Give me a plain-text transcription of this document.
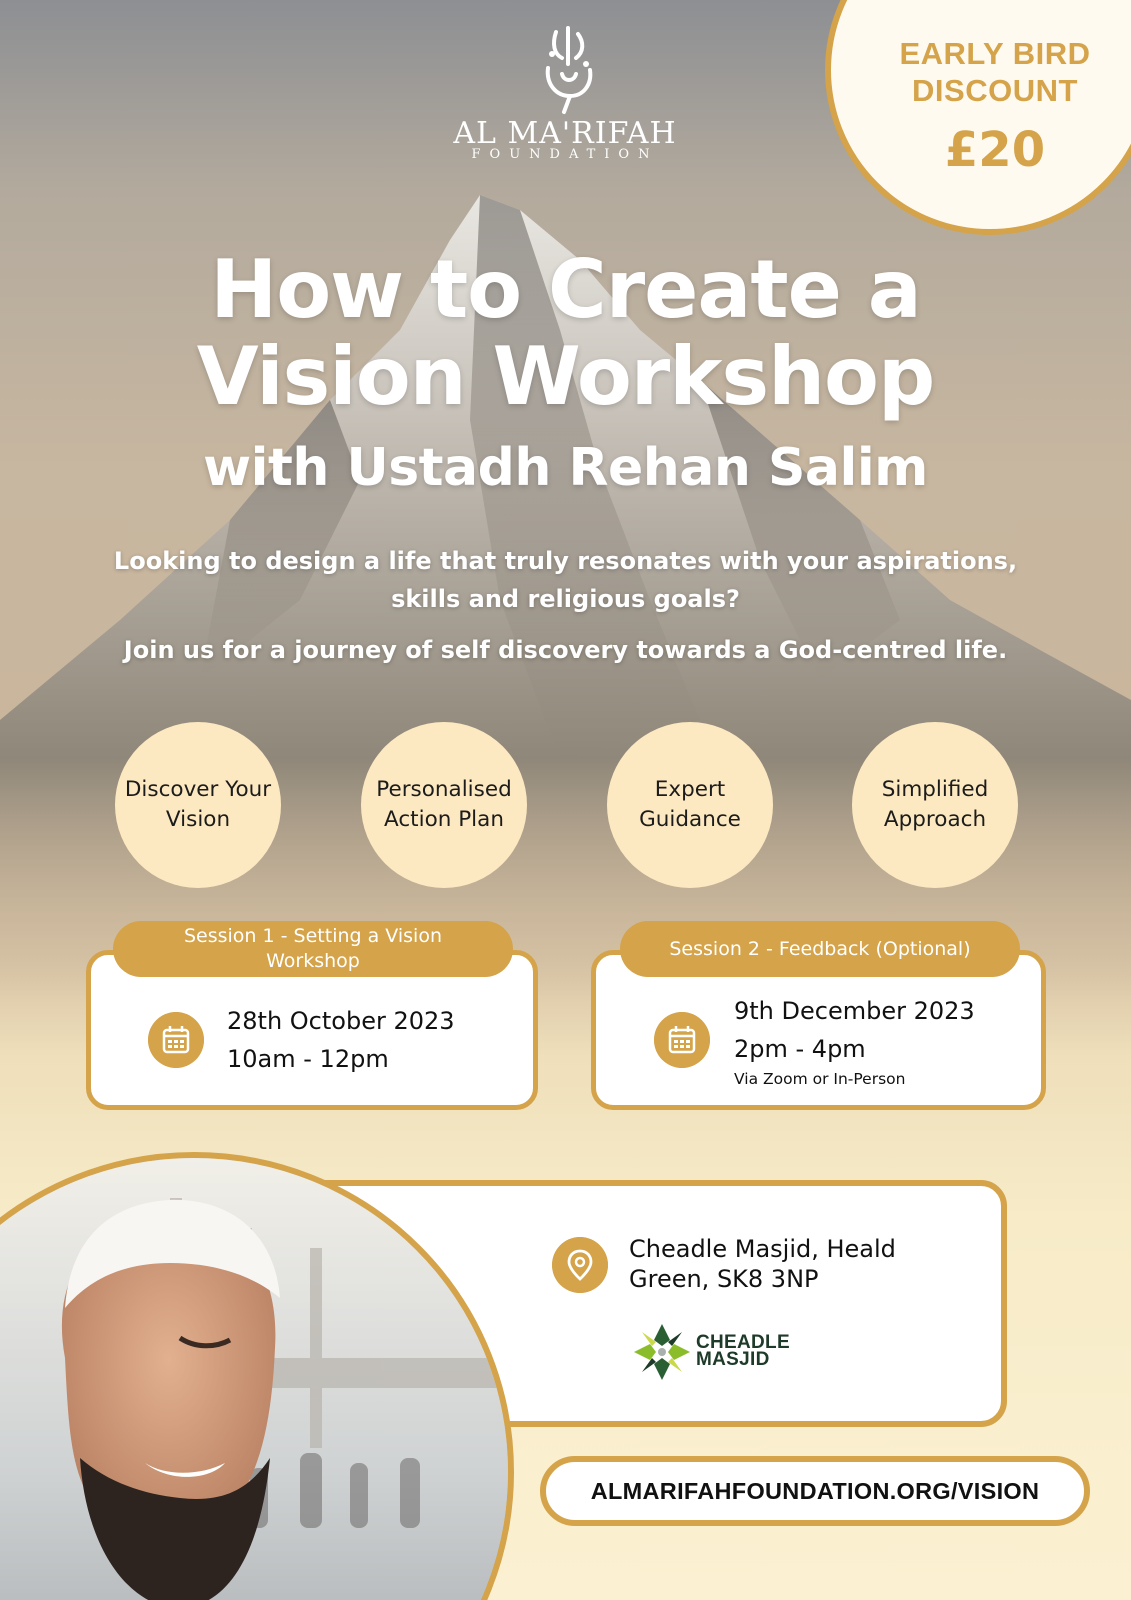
EARLY BIRD
DISCOUNT
£20
AL MA'RIFAH
FOUNDATION
How to Create a
Vision Workshop
with Ustadh Rehan Salim
Looking to design a life that truly resonates with your aspirations, skills and religious goals?
Join us for a journey of self discovery towards a God-centred life.
Discover Your Vision
Personalised Action Plan
Expert Guidance
Simplified Approach
Session 1 - Setting a Vision Workshop
28th October 2023
10am - 12pm
Session 2 - Feedback (Optional)
9th December 2023
2pm - 4pm
Via Zoom or In-Person
Cheadle Masjid, Heald Green, SK8 3NP
CHEADLE
MASJID
ALMARIFAHFOUNDATION.ORG/VISION
